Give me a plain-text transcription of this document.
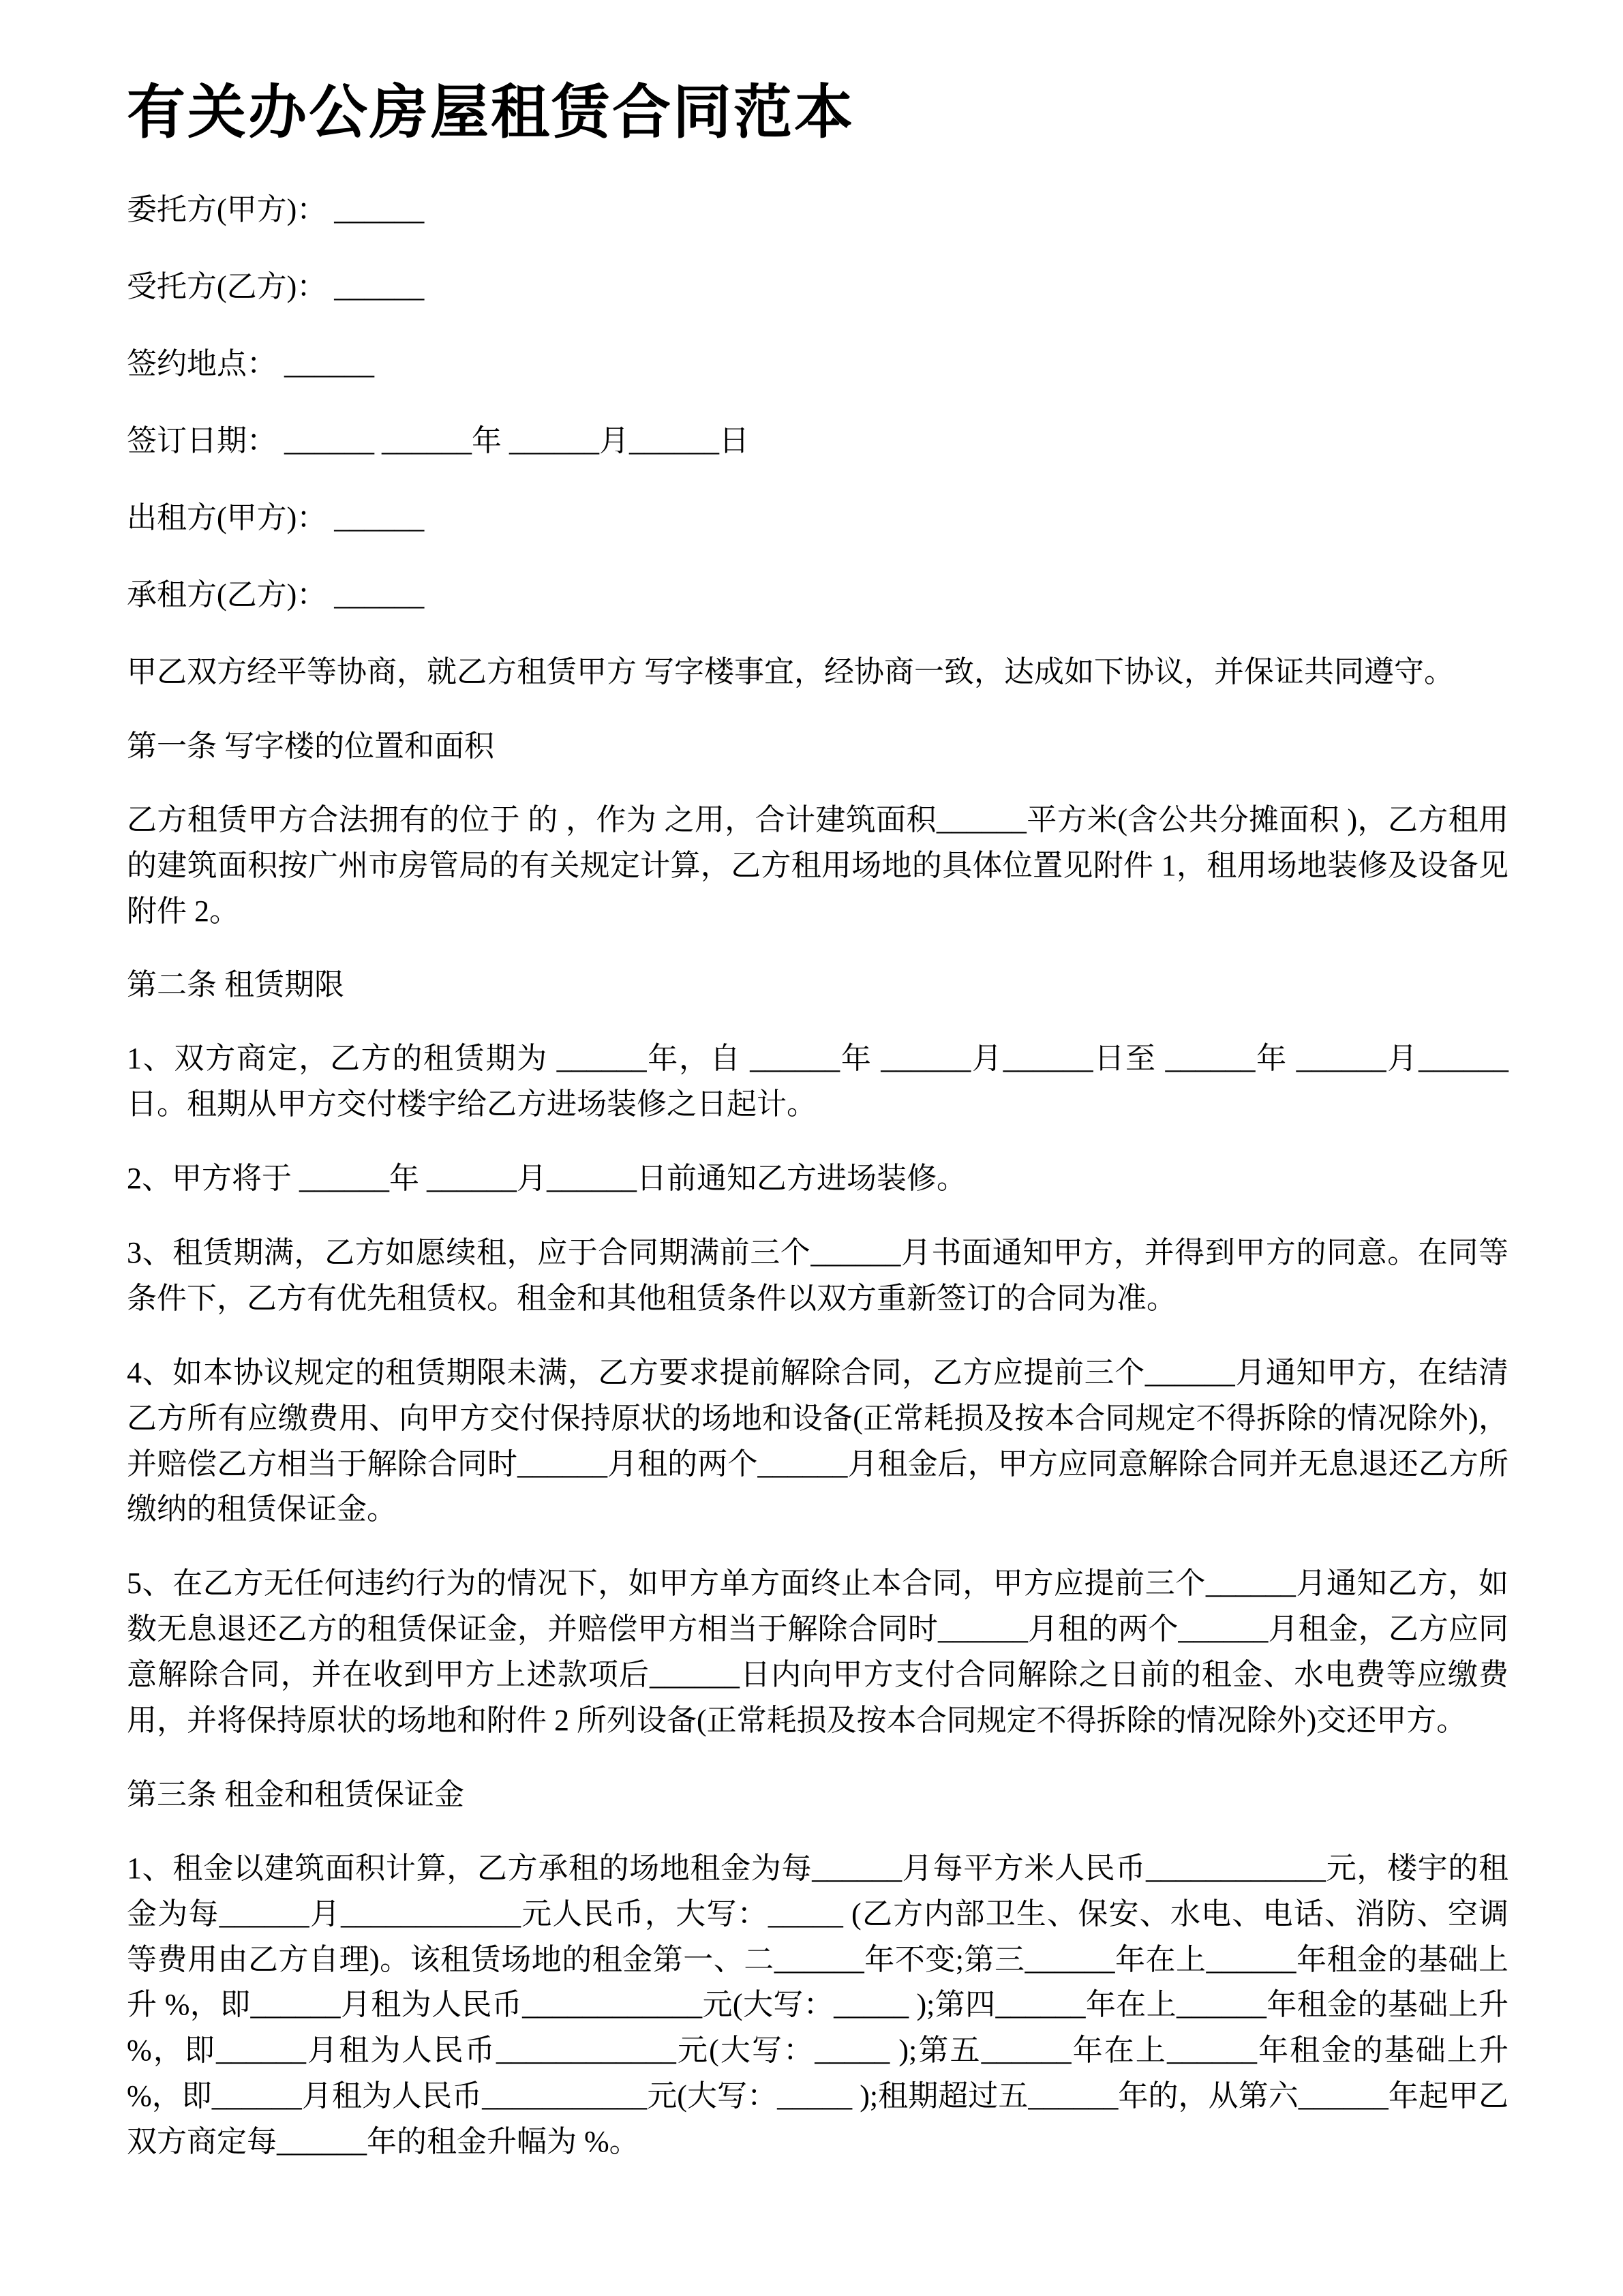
有关办公房屋租赁合同范本

委托方(甲方)： ______

受托方(乙方)： ______

签约地点： ______

签订日期： ______ ______年 ______月______日

出租方(甲方)： ______

承租方(乙方)： ______

甲乙双方经平等协商，就乙方租赁甲方 写字楼事宜，经协商一致，达成如下协议，并保证共同遵守。

第一条 写字楼的位置和面积

乙方租赁甲方合法拥有的位于 的 ，作为 之用，合计建筑面积______平方米(含公共分摊面积 )，乙方租用的建筑面积按广州市房管局的有关规定计算，乙方租用场地的具体位置见附件 1，租用场地装修及设备见附件 2。

第二条 租赁期限

1、双方商定，乙方的租赁期为 ______年，自 ______年 ______月______日至 ______年 ______月______日。租期从甲方交付楼宇给乙方进场装修之日起计。

2、甲方将于 ______年 ______月______日前通知乙方进场装修。

3、租赁期满，乙方如愿续租，应于合同期满前三个______月书面通知甲方，并得到甲方的同意。在同等条件下，乙方有优先租赁权。租金和其他租赁条件以双方重新签订的合同为准。

4、如本协议规定的租赁期限未满，乙方要求提前解除合同，乙方应提前三个______月通知甲方，在结清乙方所有应缴费用、向甲方交付保持原状的场地和设备(正常耗损及按本合同规定不得拆除的情况除外)，并赔偿乙方相当于解除合同时______月租的两个______月租金后，甲方应同意解除合同并无息退还乙方所缴纳的租赁保证金。

5、在乙方无任何违约行为的情况下，如甲方单方面终止本合同，甲方应提前三个______月通知乙方，如数无息退还乙方的租赁保证金，并赔偿甲方相当于解除合同时______月租的两个______月租金，乙方应同意解除合同，并在收到甲方上述款项后______日内向甲方支付合同解除之日前的租金、水电费等应缴费用，并将保持原状的场地和附件 2 所列设备(正常耗损及按本合同规定不得拆除的情况除外)交还甲方。

第三条 租金和租赁保证金

1、租金以建筑面积计算，乙方承租的场地租金为每______月每平方米人民币____________元，楼宇的租金为每______月____________元人民币，大写：_____ (乙方内部卫生、保安、水电、电话、消防、空调等费用由乙方自理)。该租赁场地的租金第一、二______年不变;第三______年在上______年租金的基础上升 %，即______月租为人民币____________元(大写：_____ );第四______年在上______年租金的基础上升 %，即______月租为人民币____________元(大写：_____ );第五______年在上______年租金的基础上升 %，即______月租为人民币___________元(大写：_____ );租期超过五______年的，从第六______年起甲乙双方商定每______年的租金升幅为 %。
